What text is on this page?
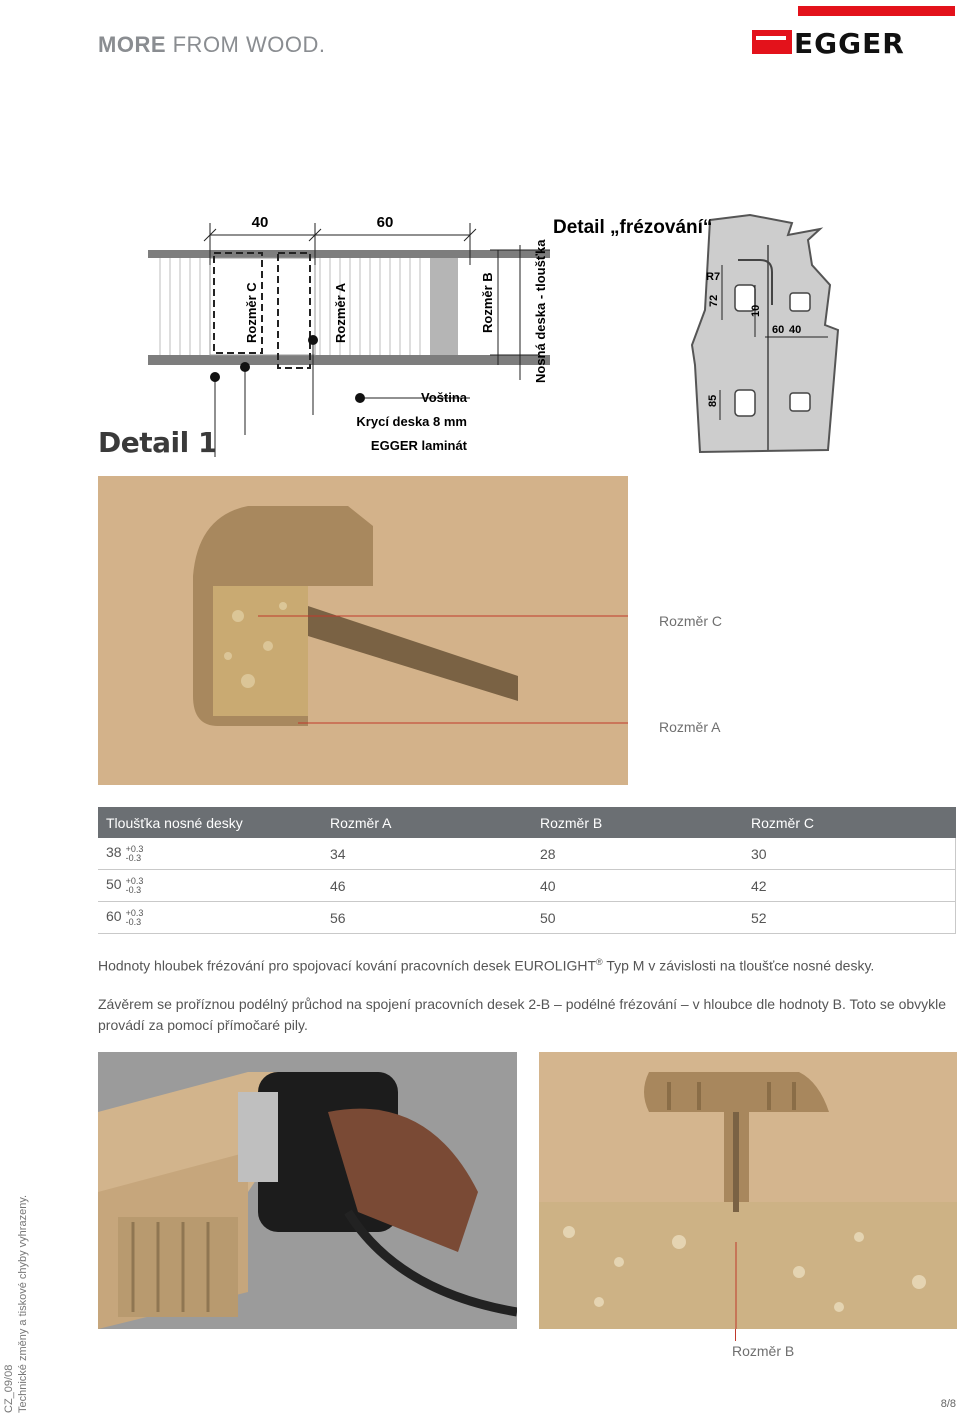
MORE FROM WOOD.	EGGER
40	60
Rozměr C	Rozměr A	Rozměr B	Nosná deska - tloušťka
Voština
Krycí deska 8 mm
EGGER laminát
Detail 1
Detail „frézování“
R7
72
10
60 40
85
Rozměr C
Rozměr A
Tloušťka nosné desky	Rozměr A	Rozměr B	Rozměr C
38 +0.3
-0.3	34	28	30
50 +0.3
-0.3	46	40	42
60 +0.3
-0.3	56	50	52
Hodnoty hloubek frézování pro spojovací kování pracovních desek EUROLIGHT® Typ M v závislosti na tloušťce nosné desky.
Závěrem se proříznou podélný průchod na spojení pracovních desek 2-B – podélné frézování – v hloubce dle hodnoty B. Toto se obvykle provádí za pomocí přímočaré pily.
Rozměr B
CZ_09/08 Technické změny a tiskové chyby vyhrazeny.	8/8
